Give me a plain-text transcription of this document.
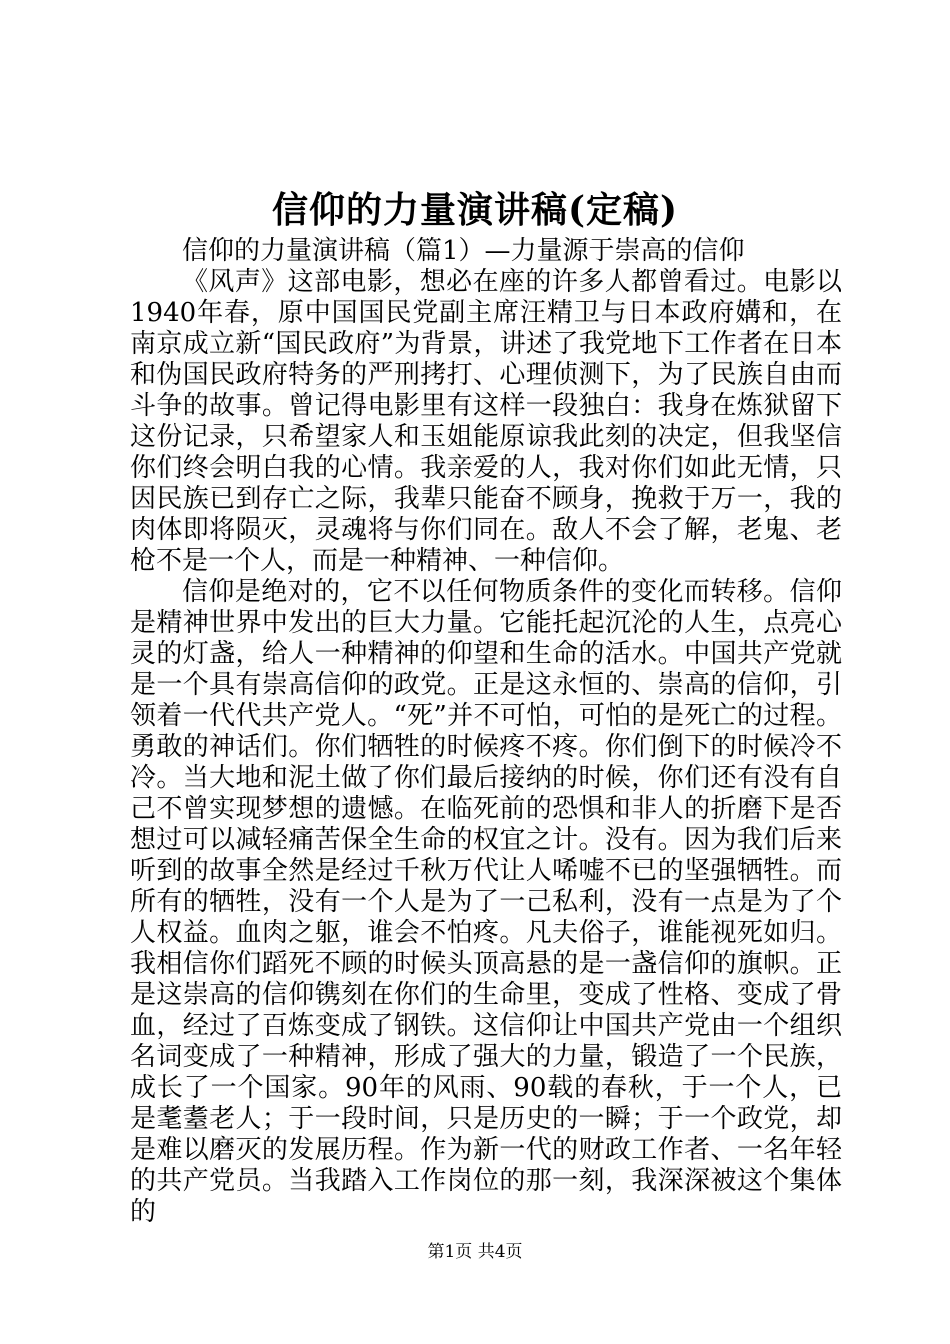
信仰的力量演讲稿(定稿)

信仰的力量演讲稿（篇1）—力量源于崇高的信仰

《风声》这部电影，想必在座的许多人都曾看过。电影以1940年春，原中国国民党副主席汪精卫与日本政府媾和，在南京成立新“国民政府”为背景，讲述了我党地下工作者在日本和伪国民政府特务的严刑拷打、心理侦测下，为了民族自由而斗争的故事。曾记得电影里有这样一段独白：我身在炼狱留下这份记录，只希望家人和玉姐能原谅我此刻的决定，但我坚信你们终会明白我的心情。我亲爱的人，我对你们如此无情，只因民族已到存亡之际，我辈只能奋不顾身，挽救于万一，我的肉体即将陨灭，灵魂将与你们同在。敌人不会了解，老鬼、老枪不是一个人，而是一种精神、一种信仰。

信仰是绝对的，它不以任何物质条件的变化而转移。信仰是精神世界中发出的巨大力量。它能托起沉沦的人生，点亮心灵的灯盏，给人一种精神的仰望和生命的活水。中国共产党就是一个具有崇高信仰的政党。正是这永恒的、崇高的信仰，引领着一代代共产党人。“死”并不可怕，可怕的是死亡的过程。勇敢的神话们。你们牺牲的时候疼不疼。你们倒下的时候冷不冷。当大地和泥土做了你们最后接纳的时候，你们还有没有自己不曾实现梦想的遗憾。在临死前的恐惧和非人的折磨下是否想过可以减轻痛苦保全生命的权宜之计。没有。因为我们后来听到的故事全然是经过千秋万代让人唏嘘不已的坚强牺牲。而所有的牺牲，没有一个人是为了一己私利，没有一点是为了个人权益。血肉之躯，谁会不怕疼。凡夫俗子，谁能视死如归。我相信你们蹈死不顾的时候头顶高悬的是一盏信仰的旗帜。正是这崇高的信仰镌刻在你们的生命里，变成了性格、变成了骨血，经过了百炼变成了钢铁。这信仰让中国共产党由一个组织名词变成了一种精神，形成了强大的力量，锻造了一个民族，成长了一个国家。90年的风雨、90载的春秋，于一个人，已是耄耋老人；于一段时间，只是历史的一瞬；于一个政党，却是难以磨灭的发展历程。作为新一代的财政工作者、一名年轻的共产党员。当我踏入工作岗位的那一刻，我深深被这个集体的

第1页 共4页
